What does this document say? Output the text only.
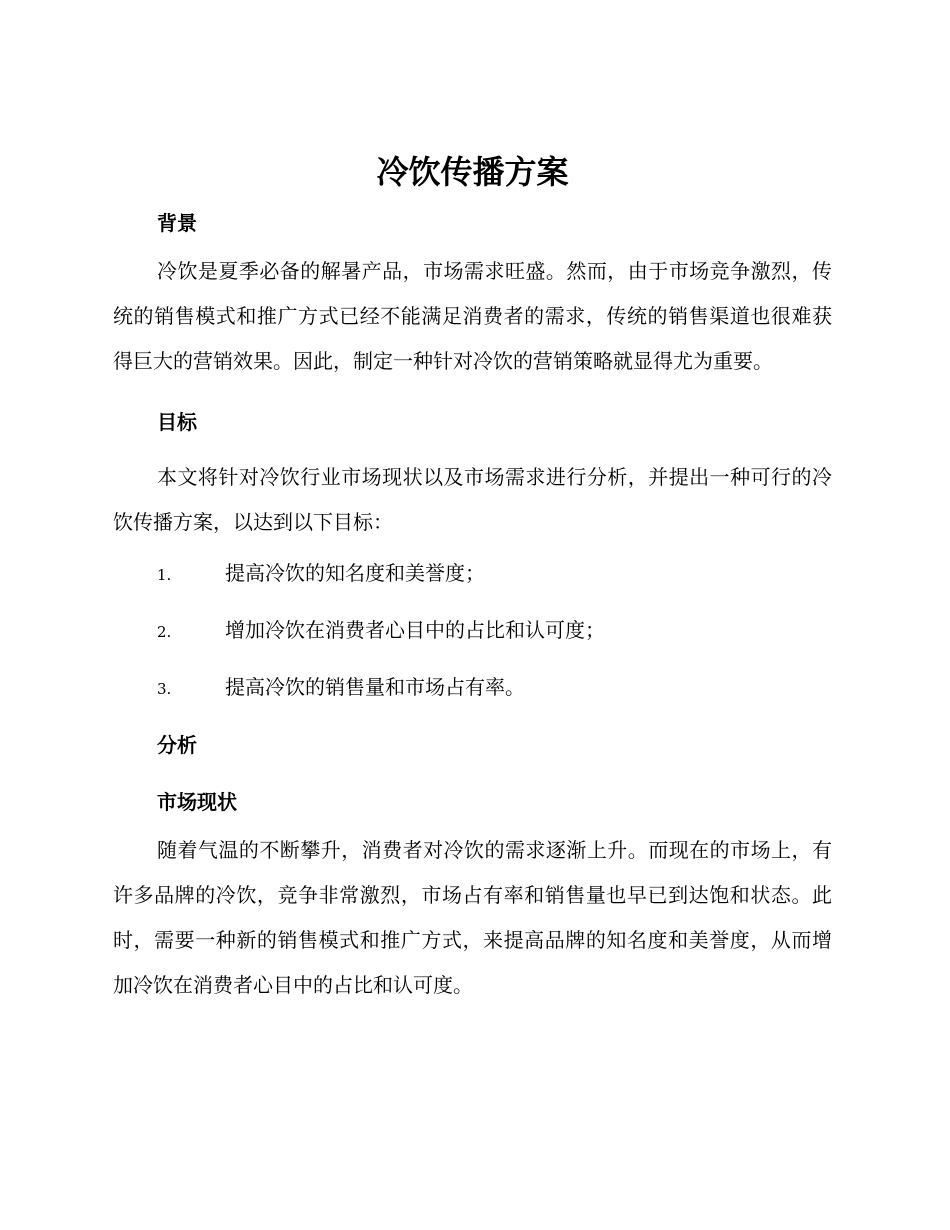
冷饮传播方案
背景

冷饮是夏季必备的解暑产品，市场需求旺盛。然而，由于市场竞争激烈，传统的销售模式和推广方式已经不能满足消费者的需求，传统的销售渠道也很难获得巨大的营销效果。因此，制定一种针对冷饮的营销策略就显得尤为重要。

目标

本文将针对冷饮行业市场现状以及市场需求进行分析，并提出一种可行的冷饮传播方案，以达到以下目标：

1.	提高冷饮的知名度和美誉度；
2.	增加冷饮在消费者心目中的占比和认可度；
3.	提高冷饮的销售量和市场占有率。
分析
市场现状

随着气温的不断攀升，消费者对冷饮的需求逐渐上升。而现在的市场上，有许多品牌的冷饮，竞争非常激烈，市场占有率和销售量也早已到达饱和状态。此时，需要一种新的销售模式和推广方式，来提高品牌的知名度和美誉度，从而增加冷饮在消费者心目中的占比和认可度。
